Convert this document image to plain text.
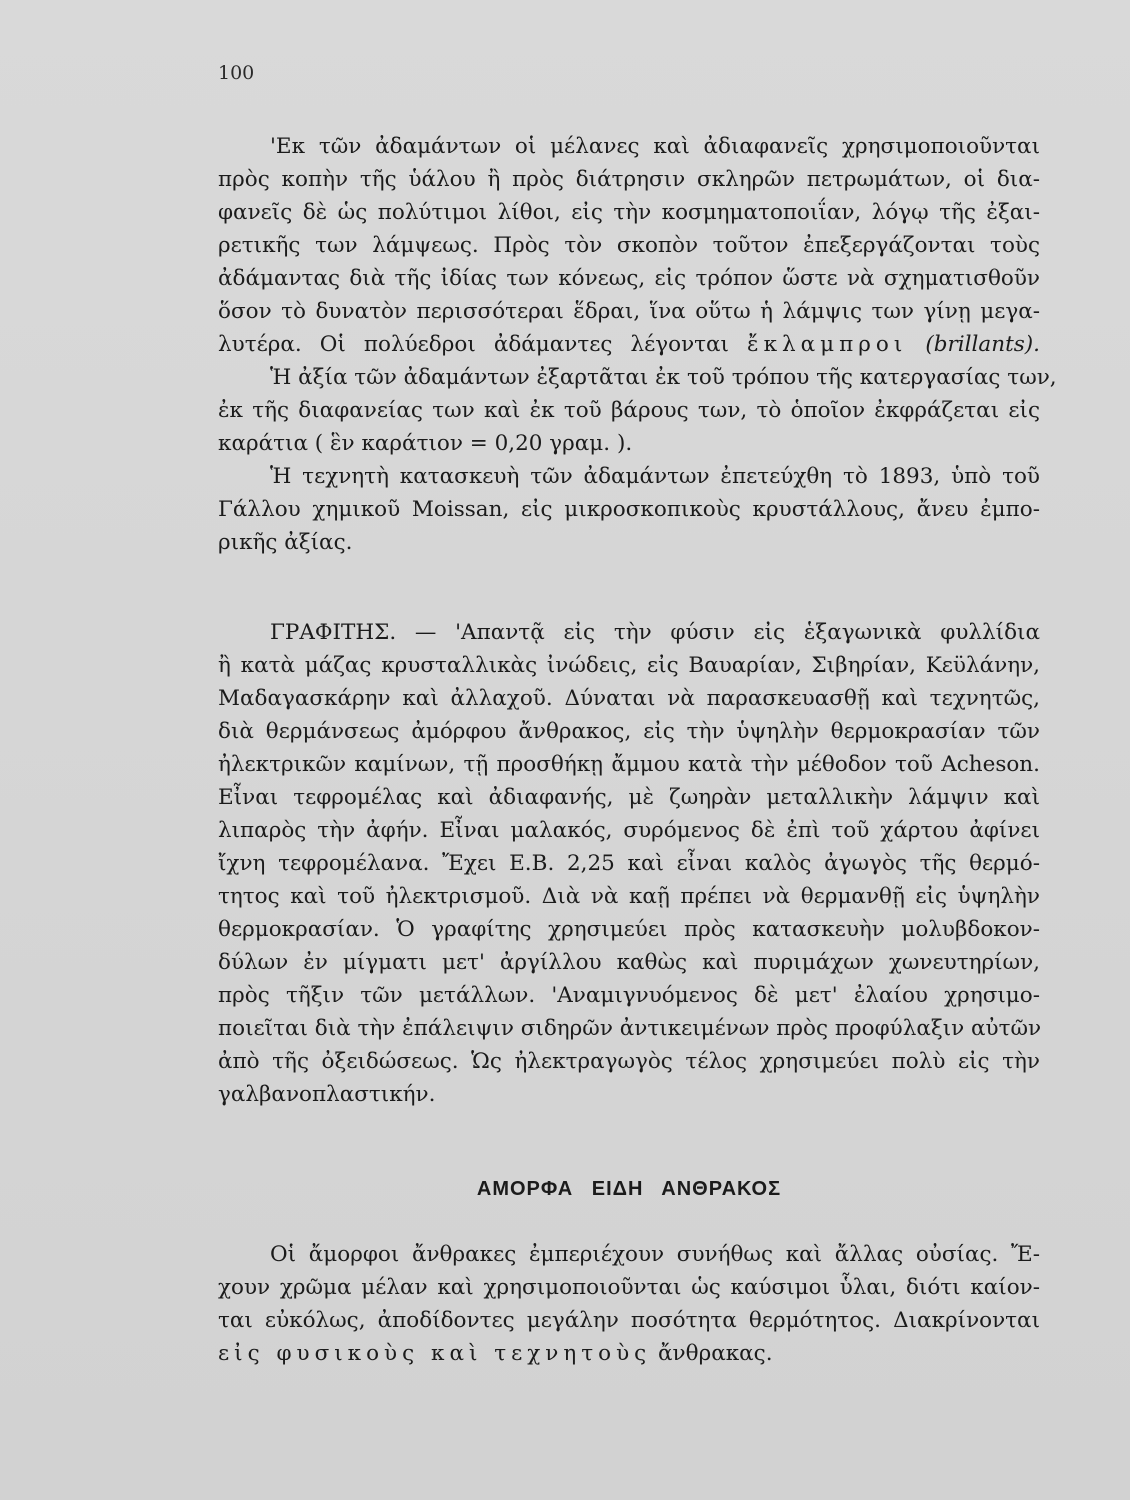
100
'Εκ τῶν ἀδαμάντων οἱ μέλανες καὶ ἀδιαφανεῖς χρησιμοποιοῦνται
πρὸς κοπὴν τῆς ὑάλου ἢ πρὸς διάτρησιν σκληρῶν πετρωμάτων, οἱ δια-
φανεῖς δὲ ὡς πολύτιμοι λίθοι, εἰς τὴν κοσμηματοποιΐαν, λόγῳ τῆς ἐξαι-
ρετικῆς των λάμψεως. Πρὸς τὸν σκοπὸν τοῦτον ἐπεξεργάζονται τοὺς
ἀδάμαντας διὰ τῆς ἰδίας των κόνεως, εἰς τρόπον ὥστε νὰ σχηματισθοῦν
ὅσον τὸ δυνατὸν περισσότεραι ἕδραι, ἵνα οὕτω ἡ λάμψις των γίνῃ μεγα-
λυτέρα. Οἱ πολύεδροι ἀδάμαντες λέγονται ἔκλαμπροι (brillants).
Ἡ ἀξία τῶν ἀδαμάντων ἐξαρτᾶται ἐκ τοῦ τρόπου τῆς κατεργασίας των,
ἐκ τῆς διαφανείας των καὶ ἐκ τοῦ βάρους των, τὸ ὁποῖον ἐκφράζεται εἰς
καράτια ( ἓν καράτιον = 0,20 γραμ. ).
Ἡ τεχνητὴ κατασκευὴ τῶν ἀδαμάντων ἐπετεύχθη τὸ 1893, ὑπὸ τοῦ
Γάλλου χημικοῦ Moissan, εἰς μικροσκοπικοὺς κρυστάλλους, ἄνευ ἐμπο-
ρικῆς ἀξίας.
ΓΡΑΦΙΤΗΣ. — 'Απαντᾷ εἰς τὴν φύσιν εἰς ἑξαγωνικὰ φυλλίδια
ἢ κατὰ μάζας κρυσταλλικὰς ἰνώδεις, εἰς Βαυαρίαν, Σιβηρίαν, Κεϋλάνην,
Μαδαγασκάρην καὶ ἀλλαχοῦ. Δύναται νὰ παρασκευασθῇ καὶ τεχνητῶς,
διὰ θερμάνσεως ἀμόρφου ἄνθρακος, εἰς τὴν ὑψηλὴν θερμοκρασίαν τῶν
ἠλεκτρικῶν καμίνων, τῇ προσθήκῃ ἄμμου κατὰ τὴν μέθοδον τοῦ Acheson.
Εἶναι τεφρομέλας καὶ ἀδιαφανής, μὲ ζωηρὰν μεταλλικὴν λάμψιν καὶ
λιπαρὸς τὴν ἀφήν. Εἶναι μαλακός, συρόμενος δὲ ἐπὶ τοῦ χάρτου ἀφίνει
ἴχνη τεφρομέλανα. Ἔχει Ε.Β. 2,25 καὶ εἶναι καλὸς ἀγωγὸς τῆς θερμό-
τητος καὶ τοῦ ἠλεκτρισμοῦ. Διὰ νὰ καῇ πρέπει νὰ θερμανθῇ εἰς ὑψηλὴν
θερμοκρασίαν. Ὁ γραφίτης χρησιμεύει πρὸς κατασκευὴν μολυβδοκον-
δύλων ἐν μίγματι μετ' ἀργίλλου καθὼς καὶ πυριμάχων χωνευτηρίων,
πρὸς τῆξιν τῶν μετάλλων. 'Αναμιγνυόμενος δὲ μετ' ἐλαίου χρησιμο-
ποιεῖται διὰ τὴν ἐπάλειψιν σιδηρῶν ἀντικειμένων πρὸς προφύλαξιν αὐτῶν
ἀπὸ τῆς ὀξειδώσεως. Ὡς ἠλεκτραγωγὸς τέλος χρησιμεύει πολὺ εἰς τὴν
γαλβανοπλαστικήν.
ΑΜΟΡΦΑ ΕΙΔΗ ΑΝΘΡΑΚΟΣ
Οἱ ἄμορφοι ἄνθρακες ἐμπεριέχουν συνήθως καὶ ἄλλας οὐσίας. Ἔ-
χουν χρῶμα μέλαν καὶ χρησιμοποιοῦνται ὡς καύσιμοι ὗλαι, διότι καίον-
ται εὐκόλως, ἀποδίδοντες μεγάλην ποσότητα θερμότητος. Διακρίνονται
εἰς φυσικοὺς καὶ τεχνητοὺς ἄνθρακας.
